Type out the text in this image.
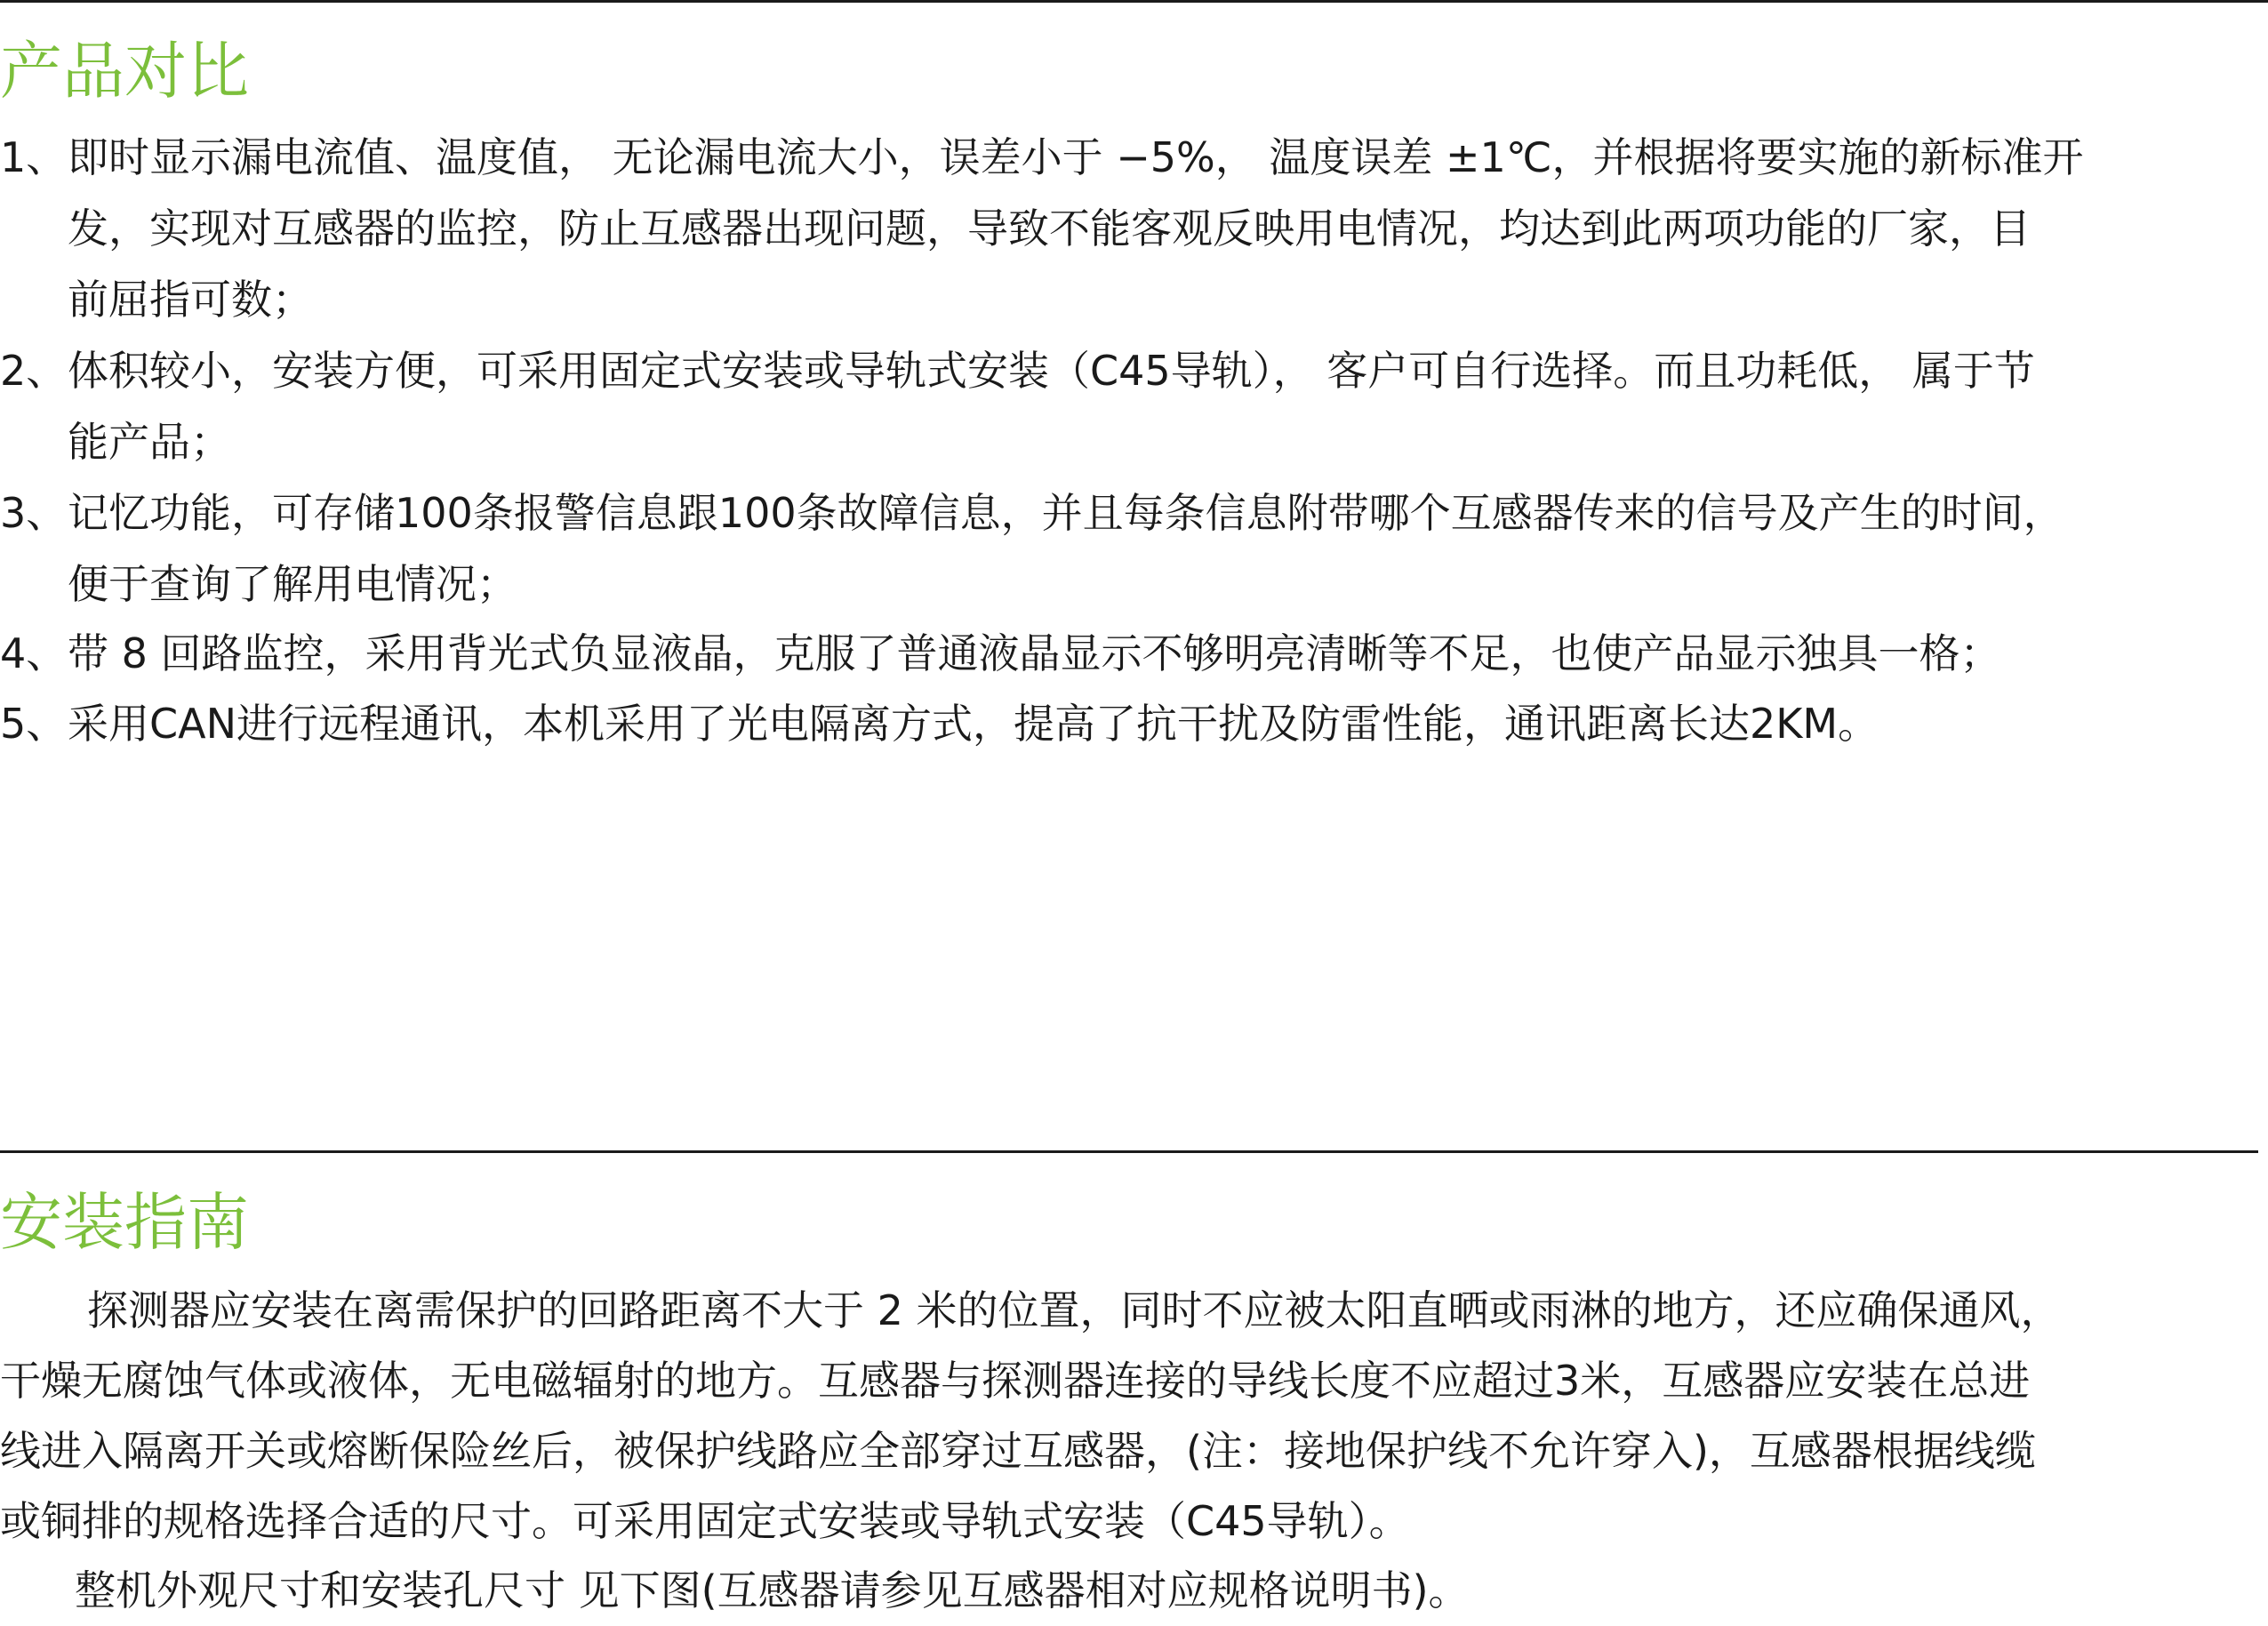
产品对比
1、即时显示漏电流值、温度值， 无论漏电流大小，误差小于 −5%， 温度误差 ±1℃，并根据将要实施的新标准开
发，实现对互感器的监控，防止互感器出现问题，导致不能客观反映用电情况，均达到此两项功能的厂家，目
前屈指可数；
2、体积较小，安装方便，可采用固定式安装或导轨式安装（C45导轨）， 客户可自行选择。而且功耗低， 属于节
能产品；
3、记忆功能，可存储100条报警信息跟100条故障信息，并且每条信息附带哪个互感器传来的信号及产生的时间，
便于查询了解用电情况；
4、带 8 回路监控，采用背光式负显液晶，克服了普通液晶显示不够明亮清晰等不足，也使产品显示独具一格；
5、采用CAN进行远程通讯，本机采用了光电隔离方式，提高了抗干扰及防雷性能，通讯距离长达2KM。
安装指南
探测器应安装在离需保护的回路距离不大于 2 米的位置，同时不应被太阳直晒或雨淋的地方，还应确保通风，
干燥无腐蚀气体或液体，无电磁辐射的地方。互感器与探测器连接的导线长度不应超过3米，互感器应安装在总进
线进入隔离开关或熔断保险丝后，被保护线路应全部穿过互感器，(注：接地保护线不允许穿入)，互感器根据线缆
或铜排的规格选择合适的尺寸。可采用固定式安装或导轨式安装（C45导轨）。
整机外观尺寸和安装孔尺寸 见下图(互感器请参见互感器相对应规格说明书)。
